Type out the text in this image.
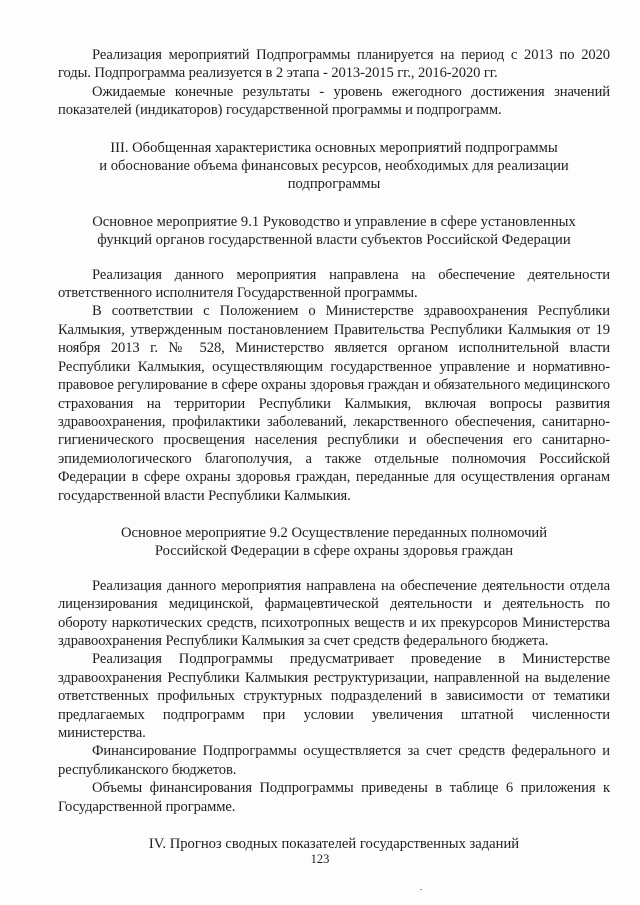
Реализация мероприятий Подпрограммы планируется на период с 2013 по 2020 годы. Подпрограмма реализуется в 2 этапа - 2013-2015 гг., 2016-2020 гг.

Ожидаемые конечные результаты - уровень ежегодного достижения значений показателей (индикаторов) государственной программы и подпрограмм.

III. Обобщенная характеристика основных мероприятий подпрограммы
и обоснование объема финансовых ресурсов, необходимых для реализации
подпрограммы
Основное мероприятие 9.1 Руководство и управление в сфере установленных
функций органов государственной власти субъектов Российской Федерации

Реализация данного мероприятия направлена на обеспечение деятельности ответственного исполнителя Государственной программы.

В соответствии с Положением о Министерстве здравоохранения Республики Калмыкия, утвержденным постановлением Правительства Республики Калмыкия от 19 ноября 2013 г. № 528, Министерство является органом исполнительной власти Республики Калмыкия, осуществляющим государственное управление и нормативно-правовое регулирование в сфере охраны здоровья граждан и обязательного медицинского страхования на территории Республики Калмыкия, включая вопросы развития здравоохранения, профилактики заболеваний, лекарственного обеспечения, санитарно-гигиенического просвещения населения республики и обеспечения его санитарно-эпидемиологического благополучия, а также отдельные полномочия Российской Федерации в сфере охраны здоровья граждан, переданные для осуществления органам государственной власти Республики Калмыкия.

Основное мероприятие 9.2 Осуществление переданных полномочий
Российской Федерации в сфере охраны здоровья граждан

Реализация данного мероприятия направлена на обеспечение деятельности отдела лицензирования медицинской, фармацевтической деятельности и деятельность по обороту наркотических средств, психотропных веществ и их прекурсоров Министерства здравоохранения Республики Калмыкия за счет средств федерального бюджета.

Реализация Подпрограммы предусматривает проведение в Министерстве здравоохранения Республики Калмыкия реструктуризации, направленной на выделение ответственных профильных структурных подразделений в зависимости от тематики предлагаемых подпрограмм при условии увеличения штатной численности министерства.

Финансирование Подпрограммы осуществляется за счет средств федерального и республиканского бюджетов.

Объемы финансирования Подпрограммы приведены в таблице 6 приложения к Государственной программе.

IV. Прогноз сводных показателей государственных заданий
123
